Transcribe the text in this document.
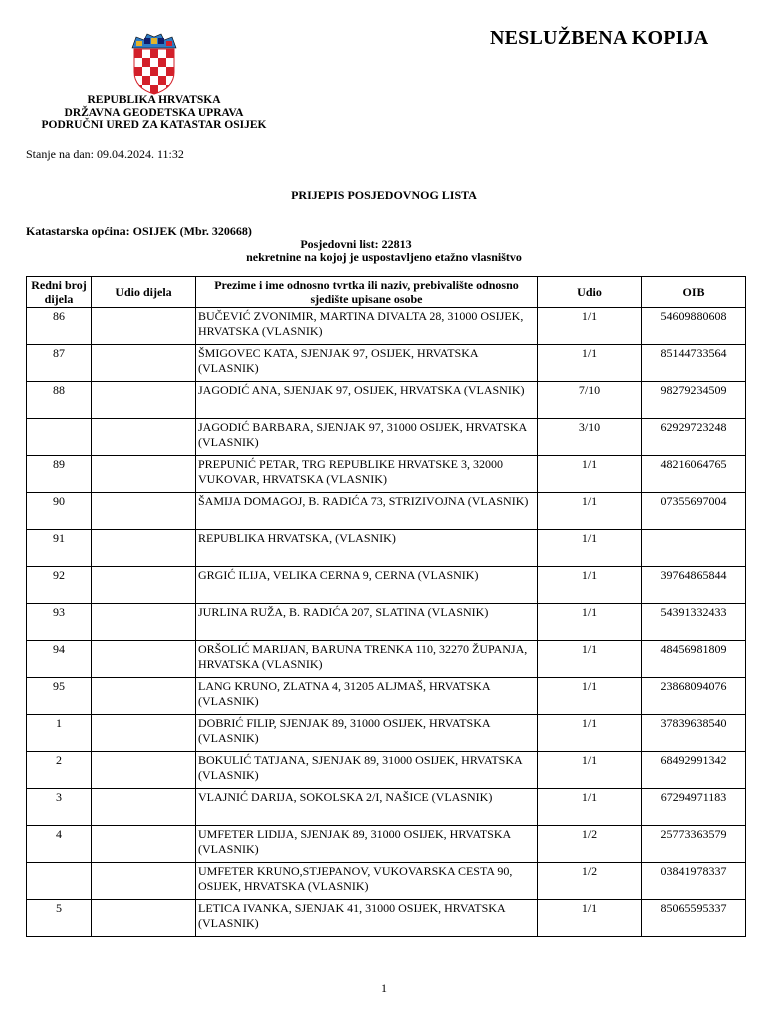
NESLUŽBENA KOPIJA
REPUBLIKA HRVATSKA
DRŽAVNA GEODETSKA UPRAVA
PODRUČNI URED ZA KATASTAR OSIJEK
Stanje na dan: 09.04.2024. 11:32
PRIJEPIS POSJEDOVNOG LISTA
Katastarska općina: OSIJEK (Mbr. 320668)
Posjedovni list: 22813
nekretnine na kojoj je uspostavljeno etažno vlasništvo
Redni broj dijela	Udio dijela	Prezime i ime odnosno tvrtka ili naziv, prebivalište odnosno sjedište upisane osobe	Udio	OIB
86		BUČEVIĆ ZVONIMIR, MARTINA DIVALTA 28, 31000 OSIJEK, HRVATSKA (VLASNIK)	1/1	54609880608
87		ŠMIGOVEC KATA, SJENJAK 97, OSIJEK, HRVATSKA (VLASNIK)	1/1	85144733564
88		JAGODIĆ ANA, SJENJAK 97, OSIJEK, HRVATSKA (VLASNIK)	7/10	98279234509
		JAGODIĆ BARBARA, SJENJAK 97, 31000 OSIJEK, HRVATSKA (VLASNIK)	3/10	62929723248
89		PREPUNIĆ PETAR, TRG REPUBLIKE HRVATSKE 3, 32000 VUKOVAR, HRVATSKA (VLASNIK)	1/1	48216064765
90		ŠAMIJA DOMAGOJ, B. RADIĆA 73, STRIZIVOJNA (VLASNIK)	1/1	07355697004
91		REPUBLIKA HRVATSKA, (VLASNIK)	1/1	
92		GRGIĆ ILIJA, VELIKA CERNA 9, CERNA (VLASNIK)	1/1	39764865844
93		JURLINA RUŽA, B. RADIĆA 207, SLATINA (VLASNIK)	1/1	54391332433
94		ORŠOLIĆ MARIJAN, BARUNA TRENKA 110, 32270 ŽUPANJA, HRVATSKA (VLASNIK)	1/1	48456981809
95		LANG KRUNO, ZLATNA 4, 31205 ALJMAŠ, HRVATSKA (VLASNIK)	1/1	23868094076
1		DOBRIĆ FILIP, SJENJAK 89, 31000 OSIJEK, HRVATSKA (VLASNIK)	1/1	37839638540
2		BOKULIĆ TATJANA, SJENJAK 89, 31000 OSIJEK, HRVATSKA (VLASNIK)	1/1	68492991342
3		VLAJNIĆ DARIJA, SOKOLSKA 2/I, NAŠICE (VLASNIK)	1/1	67294971183
4		UMFETER LIDIJA, SJENJAK 89, 31000 OSIJEK, HRVATSKA (VLASNIK)	1/2	25773363579
		UMFETER KRUNO,STJEPANOV, VUKOVARSKA CESTA 90, OSIJEK, HRVATSKA (VLASNIK)	1/2	03841978337
5		LETICA IVANKA, SJENJAK 41, 31000 OSIJEK, HRVATSKA (VLASNIK)	1/1	85065595337
1
